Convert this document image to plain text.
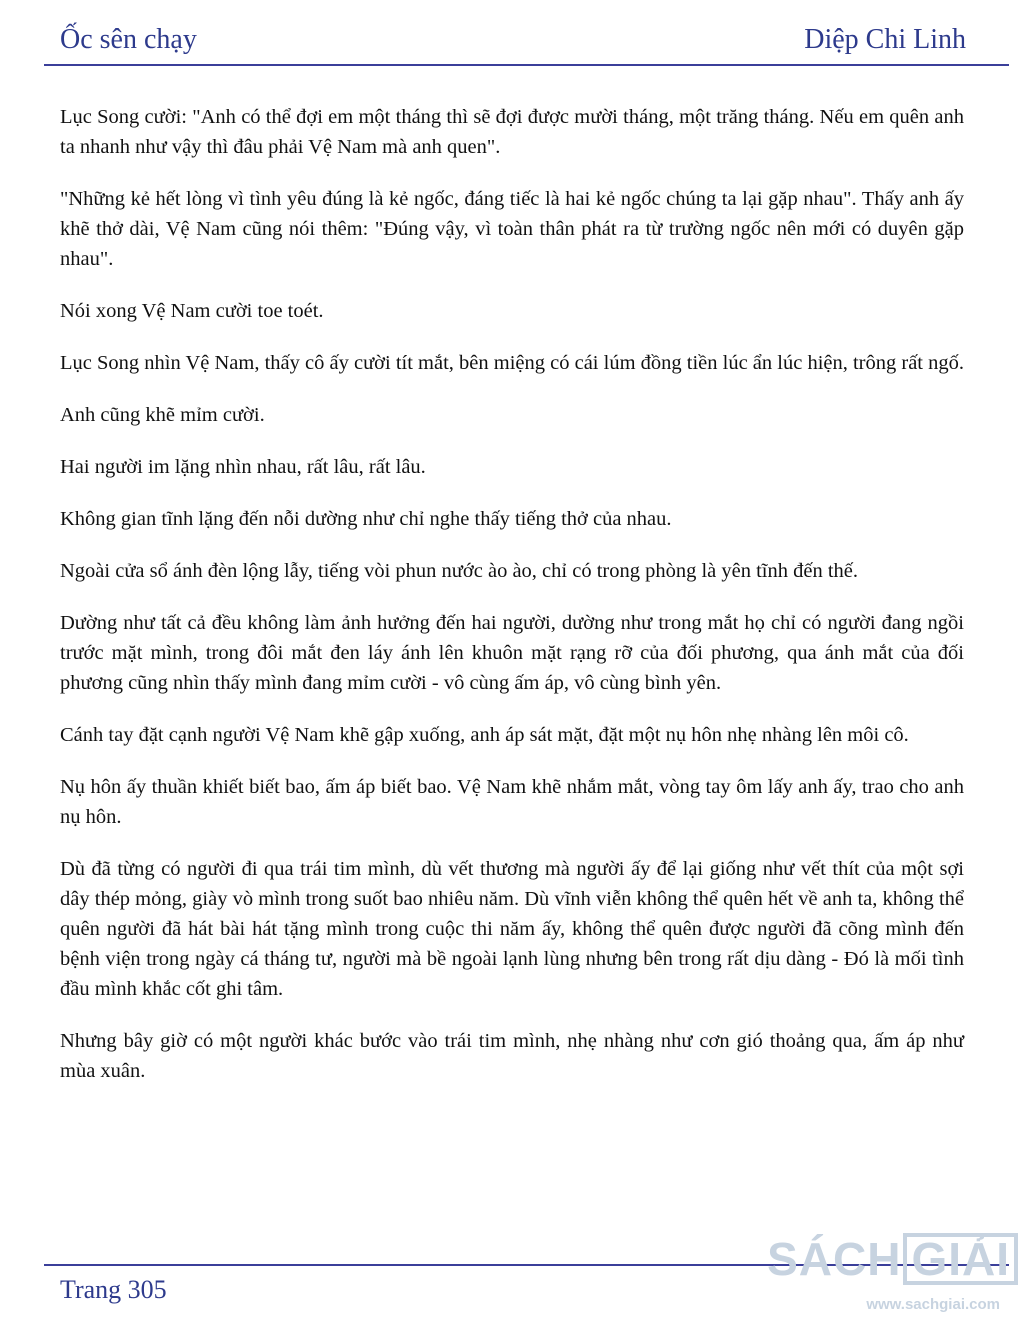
Ốc sên chạy	Diệp Chi Linh

Lục Song cười: "Anh có thể đợi em một tháng thì sẽ đợi được mười tháng, một trăng tháng. Nếu em quên anh ta nhanh như vậy thì đâu phải Vệ Nam mà anh quen".

"Những kẻ hết lòng vì tình yêu đúng là kẻ ngốc, đáng tiếc là hai kẻ ngốc chúng ta lại gặp nhau". Thấy anh ấy khẽ thở dài, Vệ Nam cũng nói thêm: "Đúng vậy, vì toàn thân phát ra từ trường ngốc nên mới có duyên gặp nhau".

Nói xong Vệ Nam cười toe toét.

Lục Song nhìn Vệ Nam, thấy cô ấy cười tít mắt, bên miệng có cái lúm đồng tiền lúc ẩn lúc hiện, trông rất ngố.

Anh cũng khẽ mỉm cười.

Hai người im lặng nhìn nhau, rất lâu, rất lâu.

Không gian tĩnh lặng đến nỗi dường như chỉ nghe thấy tiếng thở của nhau.

Ngoài cửa sổ ánh đèn lộng lẫy, tiếng vòi phun nước ào ào, chỉ có trong phòng là yên tĩnh đến thế.

Dường như tất cả đều không làm ảnh hưởng đến hai người, dường như trong mắt họ chỉ có người đang ngồi trước mặt mình, trong đôi mắt đen láy ánh lên khuôn mặt rạng rỡ của đối phương, qua ánh mắt của đối phương cũng nhìn thấy mình đang mỉm cười - vô cùng ấm áp, vô cùng bình yên.

Cánh tay đặt cạnh người Vệ Nam khẽ gập xuống, anh áp sát mặt, đặt một nụ hôn nhẹ nhàng lên môi cô.

Nụ hôn ấy thuần khiết biết bao, ấm áp biết bao. Vệ Nam khẽ nhắm mắt, vòng tay ôm lấy anh ấy, trao cho anh nụ hôn.

Dù đã từng có người đi qua trái tim mình, dù vết thương mà người ấy để lại giống như vết thít của một sợi dây thép mỏng, giày vò mình trong suốt bao nhiêu năm. Dù vĩnh viễn không thể quên hết về anh ta, không thể quên người đã hát bài hát tặng mình trong cuộc thi năm ấy, không thể quên được người đã cõng mình đến bệnh viện trong ngày cá tháng tư, người mà bề ngoài lạnh lùng nhưng bên trong rất dịu dàng - Đó là mối tình đầu mình khắc cốt ghi tâm.

Nhưng bây giờ có một người khác bước vào trái tim mình, nhẹ nhàng như cơn gió thoảng qua, ấm áp như mùa xuân.

Trang 305
SÁCH GIẢI
www.sachgiai.com
